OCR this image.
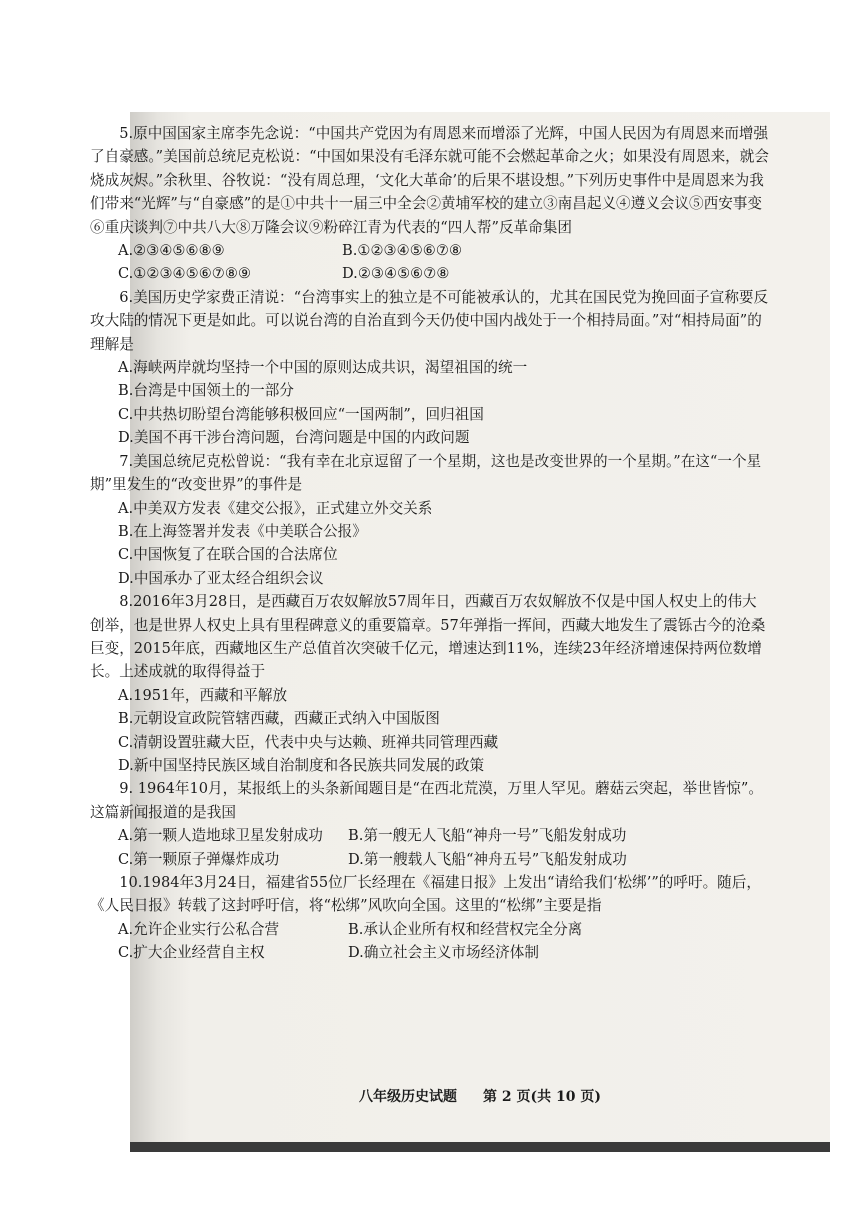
5.原中国国家主席李先念说：“中国共产党因为有周恩来而增添了光辉，中国人民因为有周恩来而增强了自豪感。”美国前总统尼克松说：“中国如果没有毛泽东就可能不会燃起革命之火；如果没有周恩来，就会烧成灰烬。”余秋里、谷牧说：“没有周总理，‘文化大革命’的后果不堪设想。”下列历史事件中是周恩来为我们带来“光辉”与“自豪感”的是①中共十一届三中全会②黄埔军校的建立③南昌起义④遵义会议⑤西安事变⑥重庆谈判⑦中共八大⑧万隆会议⑨粉碎江青为代表的“四人帮”反革命集团

A.②③④⑤⑥⑧⑨	B.①②③④⑤⑥⑦⑧
C.①②③④⑤⑥⑦⑧⑨	D.②③④⑤⑥⑦⑧

6.美国历史学家费正清说：“台湾事实上的独立是不可能被承认的，尤其在国民党为挽回面子宣称要反攻大陆的情况下更是如此。可以说台湾的自治直到今天仍使中国内战处于一个相持局面。”对“相持局面”的理解是

A.海峡两岸就均坚持一个中国的原则达成共识，渴望祖国的统一

B.台湾是中国领土的一部分

C.中共热切盼望台湾能够积极回应“一国两制”，回归祖国

D.美国不再干涉台湾问题，台湾问题是中国的内政问题

7.美国总统尼克松曾说：“我有幸在北京逗留了一个星期，这也是改变世界的一个星期。”在这“一个星期”里发生的“改变世界”的事件是

A.中美双方发表《建交公报》，正式建立外交关系

B.在上海签署并发表《中美联合公报》

C.中国恢复了在联合国的合法席位

D.中国承办了亚太经合组织会议

8.2016年3月28日，是西藏百万农奴解放57周年日，西藏百万农奴解放不仅是中国人权史上的伟大创举，也是世界人权史上具有里程碑意义的重要篇章。57年弹指一挥间，西藏大地发生了震铄古今的沧桑巨变，2015年底，西藏地区生产总值首次突破千亿元，增速达到11%，连续23年经济增速保持两位数增长。上述成就的取得得益于

A.1951年，西藏和平解放

B.元朝设宣政院管辖西藏，西藏正式纳入中国版图

C.清朝设置驻藏大臣，代表中央与达赖、班禅共同管理西藏

D.新中国坚持民族区域自治制度和各民族共同发展的政策

9. 1964年10月，某报纸上的头条新闻题目是“在西北荒漠，万里人罕见。蘑菇云突起，举世皆惊”。这篇新闻报道的是我国

A.第一颗人造地球卫星发射成功	B.第一艘无人飞船“神舟一号”飞船发射成功
C.第一颗原子弹爆炸成功	D.第一艘载人飞船“神舟五号”飞船发射成功

10.1984年3月24日，福建省55位厂长经理在《福建日报》上发出“请给我们‘松绑’”的呼吁。随后，《人民日报》转载了这封呼吁信，将“松绑”风吹向全国。这里的“松绑”主要是指

A.允许企业实行公私合营	B.承认企业所有权和经营权完全分离
C.扩大企业经营自主权	D.确立社会主义市场经济体制
八年级历史试题 第 2 页(共 10 页)
